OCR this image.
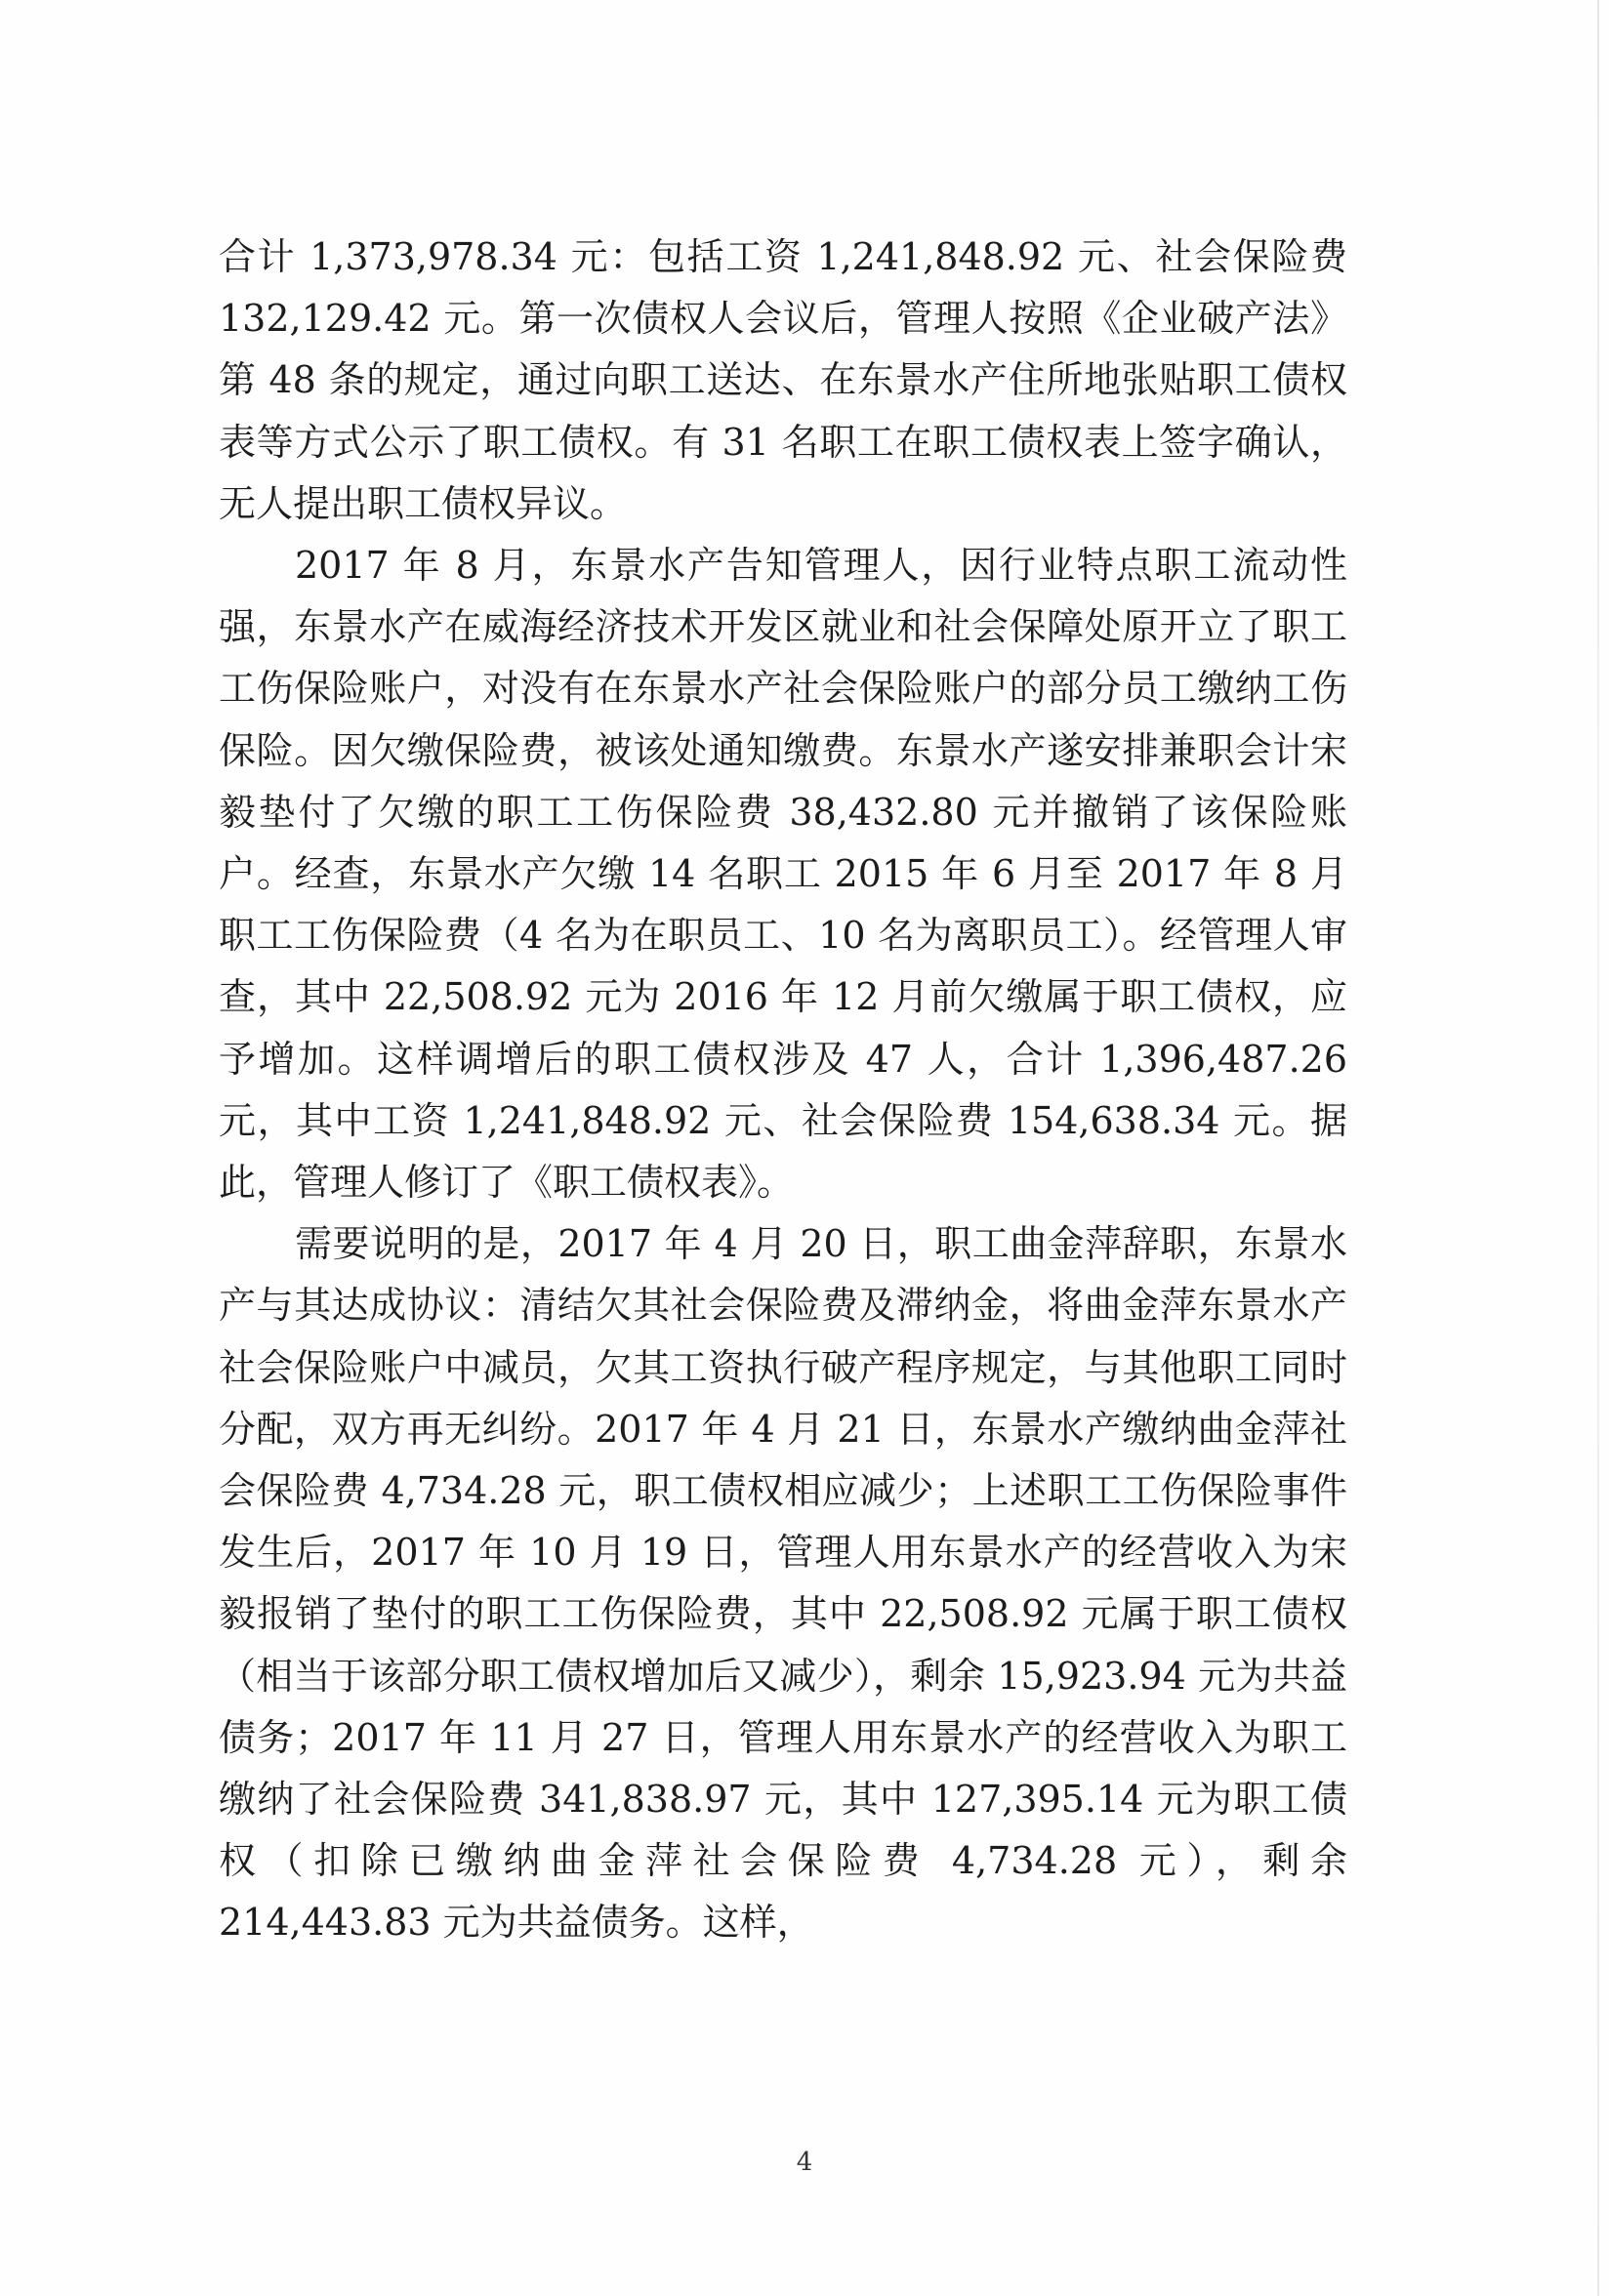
合计 1,373,978.34 元：包括工资 1,241,848.92 元、社会保险费 132,129.42 元。第一次债权人会议后，管理人按照《企业破产法》第 48 条的规定，通过向职工送达、在东景水产住所地张贴职工债权表等方式公示了职工债权。有 31 名职工在职工债权表上签字确认，无人提出职工债权异议。

2017 年 8 月，东景水产告知管理人，因行业特点职工流动性强，东景水产在威海经济技术开发区就业和社会保障处原开立了职工工伤保险账户，对没有在东景水产社会保险账户的部分员工缴纳工伤保险。因欠缴保险费，被该处通知缴费。东景水产遂安排兼职会计宋毅垫付了欠缴的职工工伤保险费 38,432.80 元并撤销了该保险账户。经查，东景水产欠缴 14 名职工 2015 年 6 月至 2017 年 8 月职工工伤保险费（4 名为在职员工、10 名为离职员工）。经管理人审查，其中 22,508.92 元为 2016 年 12 月前欠缴属于职工债权，应予增加。这样调增后的职工债权涉及 47 人，合计 1,396,487.26 元，其中工资 1,241,848.92 元、社会保险费 154,638.34 元。据此，管理人修订了《职工债权表》。

需要说明的是，2017 年 4 月 20 日，职工曲金萍辞职，东景水产与其达成协议：清结欠其社会保险费及滞纳金，将曲金萍东景水产社会保险账户中减员，欠其工资执行破产程序规定，与其他职工同时分配，双方再无纠纷。2017 年 4 月 21 日，东景水产缴纳曲金萍社会保险费 4,734.28 元，职工债权相应减少；上述职工工伤保险事件发生后，2017 年 10 月 19 日，管理人用东景水产的经营收入为宋毅报销了垫付的职工工伤保险费，其中 22,508.92 元属于职工债权（相当于该部分职工债权增加后又减少），剩余 15,923.94 元为共益债务；2017 年 11 月 27 日，管理人用东景水产的经营收入为职工缴纳了社会保险费 341,838.97 元，其中 127,395.14 元为职工债权（扣除已缴纳曲金萍社会保险费 4,734.28 元），剩余 214,443.83 元为共益债务。这样，

4
